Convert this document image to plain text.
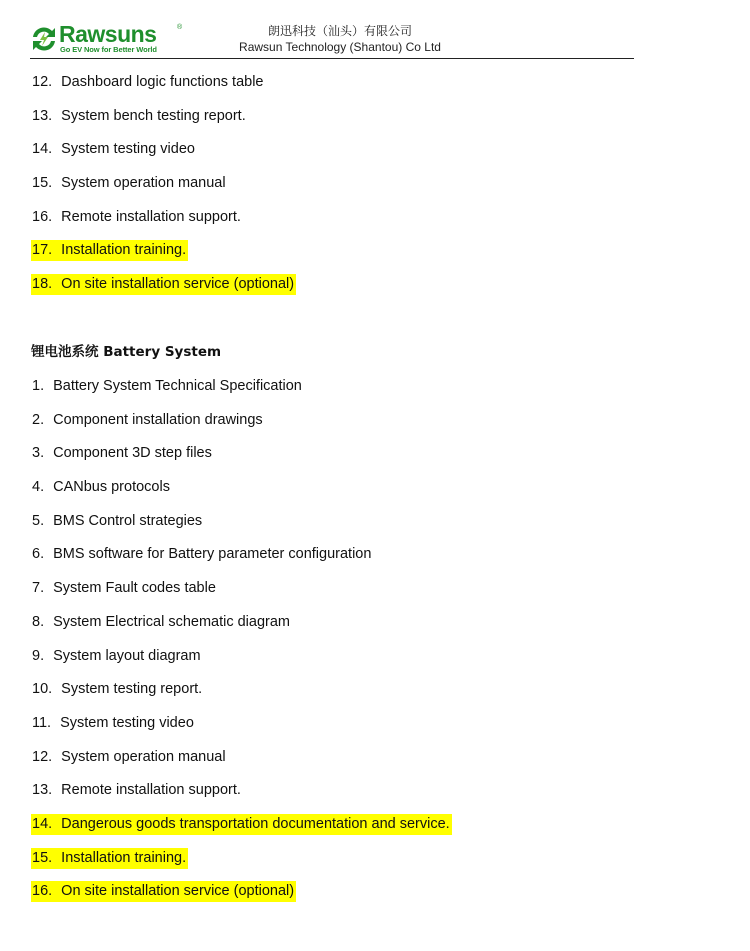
Rawsuns	®
Go EV Now for Better World
朗迅科技（汕头）有限公司
Rawsun Technology (Shantou) Co Ltd
12. Dashboard logic functions table
13. System bench testing report.
14. System testing video
15. System operation manual
16. Remote installation support.
17. Installation training.
18. On site installation service (optional)
锂电池系统 Battery System
1. Battery System Technical Specification
2. Component installation drawings
3. Component 3D step files
4. CANbus protocols
5. BMS Control strategies
6. BMS software for Battery parameter configuration
7. System Fault codes table
8. System Electrical schematic diagram
9. System layout diagram
10. System testing report.
11. System testing video
12. System operation manual
13. Remote installation support.
14. Dangerous goods transportation documentation and service.
15. Installation training.
16. On site installation service (optional)
